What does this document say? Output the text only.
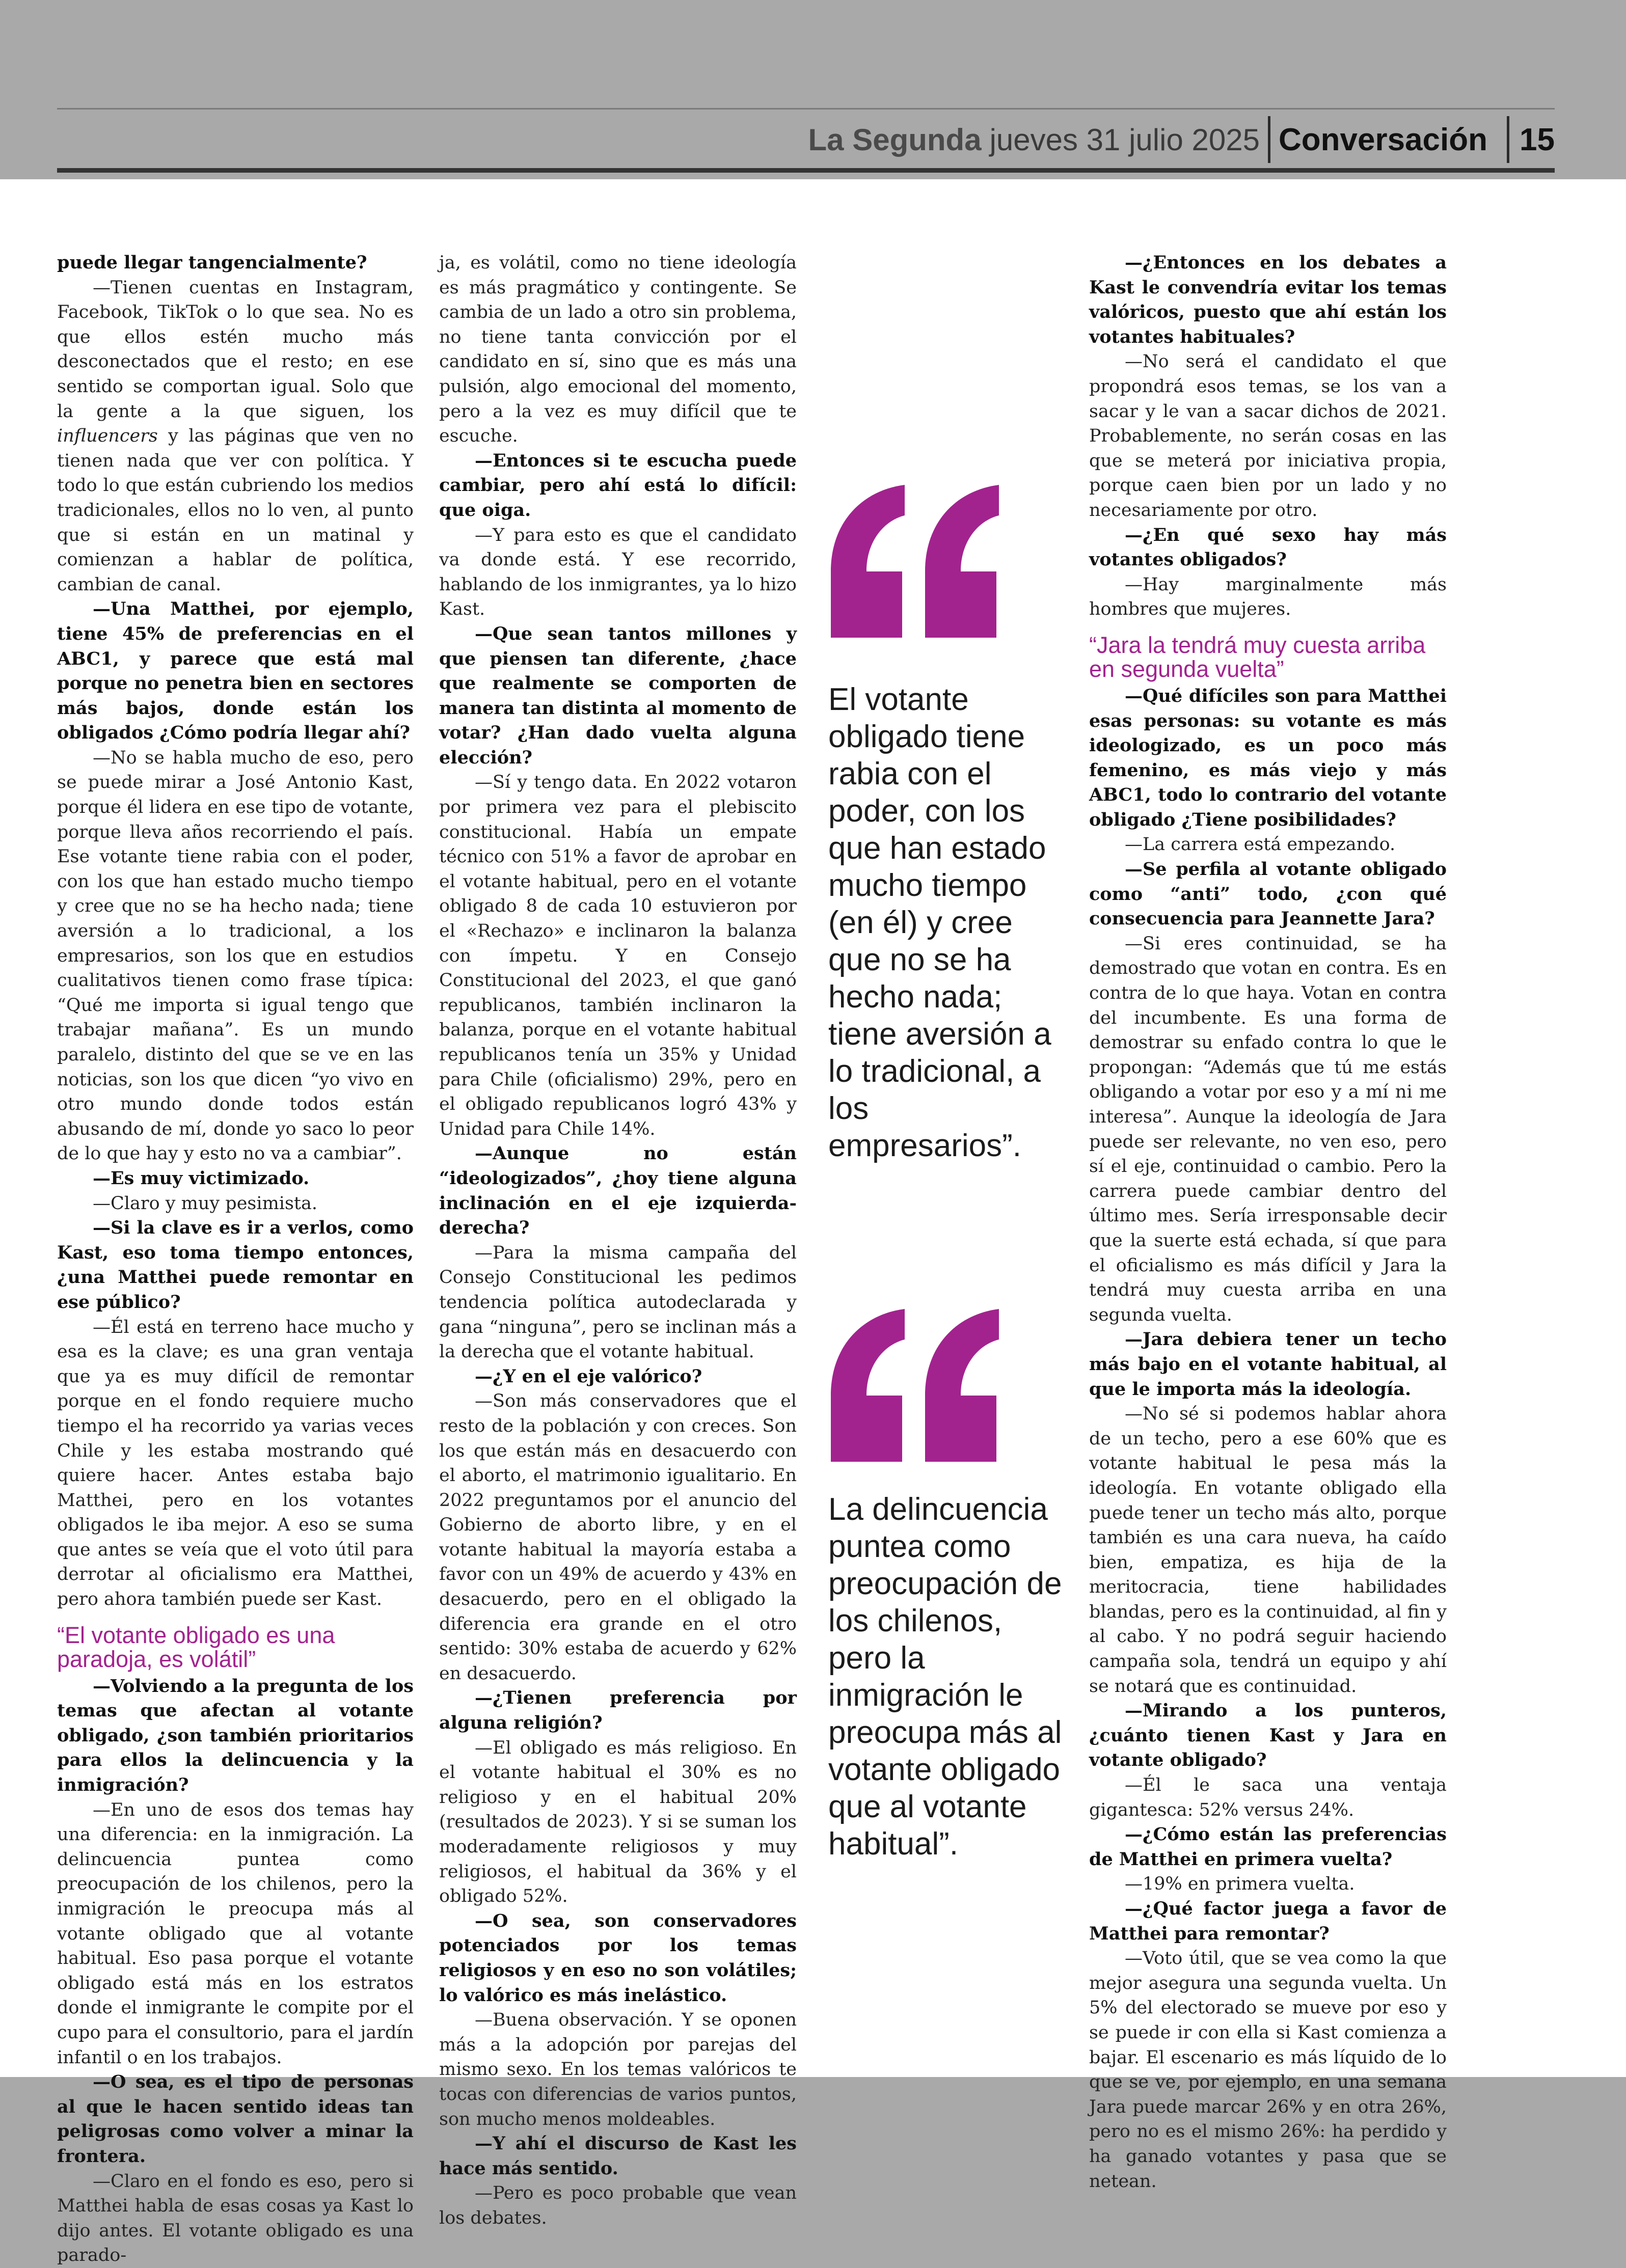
La Segunda jueves 31 julio 2025 Conversación 15

puede llegar tangencialmente?

—Tienen cuentas en Instagram, Facebook, TikTok o lo que sea. No es que ellos estén mucho más desconectados que el resto; en ese sentido se comportan igual. Solo que la gente a la que siguen, los influencers y las páginas que ven no tienen nada que ver con política. Y todo lo que están cubriendo los medios tradicionales, ellos no lo ven, al punto que si están en un matinal y comienzan a hablar de política, cambian de canal.

—Una Matthei, por ejemplo, tiene 45% de preferencias en el ABC1, y parece que está mal porque no penetra bien en sectores más bajos, donde están los obligados ¿Cómo podría llegar ahí?

—No se habla mucho de eso, pero se puede mirar a José Antonio Kast, porque él lidera en ese tipo de votante, porque lleva años recorriendo el país. Ese votante tiene rabia con el poder, con los que han estado mucho tiempo y cree que no se ha hecho nada; tiene aversión a lo tradicional, a los empresarios, son los que en estudios cualitativos tienen como frase típica: “Qué me importa si igual tengo que trabajar mañana”. Es un mundo paralelo, distinto del que se ve en las noticias, son los que dicen “yo vivo en otro mundo donde todos están abusando de mí, donde yo saco lo peor de lo que hay y esto no va a cambiar”.

—Es muy victimizado.

—Claro y muy pesimista.

—Si la clave es ir a verlos, como Kast, eso toma tiempo entonces, ¿una Matthei puede remontar en ese público?

—Él está en terreno hace mucho y esa es la clave; es una gran ventaja que ya es muy difícil de remontar porque en el fondo requiere mucho tiempo el ha recorrido ya varias veces Chile y les estaba mostrando qué quiere hacer. Antes estaba bajo Matthei, pero en los votantes obligados le iba mejor. A eso se suma que antes se veía que el voto útil para derrotar al oficialismo era Matthei, pero ahora también puede ser Kast.

“El votante obligado es una paradoja, es volátil”

—Volviendo a la pregunta de los temas que afectan al votante obligado, ¿son también prioritarios para ellos la delincuencia y la inmigración?

—En uno de esos dos temas hay una diferencia: en la inmigración. La delincuencia puntea como preocupación de los chilenos, pero la inmigración le preocupa más al votante obligado que al votante habitual. Eso pasa porque el votante obligado está más en los estratos donde el inmigrante le compite por el cupo para el consultorio, para el jardín infantil o en los trabajos.

—O sea, es el tipo de personas al que le hacen sentido ideas tan peligrosas como volver a minar la frontera.

—Claro en el fondo es eso, pero si Matthei habla de esas cosas ya Kast lo dijo antes. El votante obligado es una parado-

ja, es volátil, como no tiene ideología es más pragmático y contingente. Se cambia de un lado a otro sin problema, no tiene tanta convicción por el candidato en sí, sino que es más una pulsión, algo emocional del momento, pero a la vez es muy difícil que te escuche.

—Entonces si te escucha puede cambiar, pero ahí está lo difícil: que oiga.

—Y para esto es que el candidato va donde está. Y ese recorrido, hablando de los inmigrantes, ya lo hizo Kast.

—Que sean tantos millones y que piensen tan diferente, ¿hace que realmente se comporten de manera tan distinta al momento de votar? ¿Han dado vuelta alguna elección?

—Sí y tengo data. En 2022 votaron por primera vez para el plebiscito constitucional. Había un empate técnico con 51% a favor de aprobar en el votante habitual, pero en el votante obligado 8 de cada 10 estuvieron por el «Rechazo» e inclinaron la balanza con ímpetu. Y en Consejo Constitucional del 2023, el que ganó republicanos, también inclinaron la balanza, porque en el votante habitual republicanos tenía un 35% y Unidad para Chile (oficialismo) 29%, pero en el obligado republicanos logró 43% y Unidad para Chile 14%.

—Aunque no están “ideologizados”, ¿hoy tiene alguna inclinación en el eje izquierda-derecha?

—Para la misma campaña del Consejo Constitucional les pedimos tendencia política autodeclarada y gana “ninguna”, pero se inclinan más a la derecha que el votante habitual.

—¿Y en el eje valórico?

—Son más conservadores que el resto de la población y con creces. Son los que están más en desacuerdo con el aborto, el matrimonio igualitario. En 2022 preguntamos por el anuncio del Gobierno de aborto libre, y en el votante habitual la mayoría estaba a favor con un 49% de acuerdo y 43% en desacuerdo, pero en el obligado la diferencia era grande en el otro sentido: 30% estaba de acuerdo y 62% en desacuerdo.

—¿Tienen preferencia por alguna religión?

—El obligado es más religioso. En el votante habitual el 30% es no religioso y en el habitual 20% (resultados de 2023). Y si se suman los moderadamente religiosos y muy religiosos, el habitual da 36% y el obligado 52%.

—O sea, son conservadores potenciados por los temas religiosos y en eso no son volátiles; lo valórico es más inelástico.

—Buena observación. Y se oponen más a la adopción por parejas del mismo sexo. En los temas valóricos te tocas con diferencias de varios puntos, son mucho menos moldeables.

—Y ahí el discurso de Kast les hace más sentido.

—Pero es poco probable que vean los debates.

El votante obligado tiene rabia con el poder, con los que han estado mucho tiempo (en él) y cree que no se ha hecho nada; tiene aversión a lo tradicional, a los empresarios”.
La delincuencia puntea como preocupación de los chilenos, pero la inmigración le preocupa más al votante obligado que al votante habitual”.

—¿Entonces en los debates a Kast le convendría evitar los temas valóricos, puesto que ahí están los votantes habituales?

—No será el candidato el que propondrá esos temas, se los van a sacar y le van a sacar dichos de 2021. Probablemente, no serán cosas en las que se meterá por iniciativa propia, porque caen bien por un lado y no necesariamente por otro.

—¿En qué sexo hay más votantes obligados?

—Hay marginalmente más hombres que mujeres.

“Jara la tendrá muy cuesta arriba en segunda vuelta”

—Qué difíciles son para Matthei esas personas: su votante es más ideologizado, es un poco más femenino, es más viejo y más ABC1, todo lo contrario del votante obligado ¿Tiene posibilidades?

—La carrera está empezando.

—Se perfila al votante obligado como “anti” todo, ¿con qué consecuencia para Jeannette Jara?

—Si eres continuidad, se ha demostrado que votan en contra. Es en contra de lo que haya. Votan en contra del incumbente. Es una forma de demostrar su enfado contra lo que le propongan: “Además que tú me estás obligando a votar por eso y a mí ni me interesa”. Aunque la ideología de Jara puede ser relevante, no ven eso, pero sí el eje, continuidad o cambio. Pero la carrera puede cambiar dentro del último mes. Sería irresponsable decir que la suerte está echada, sí que para el oficialismo es más difícil y Jara la tendrá muy cuesta arriba en una segunda vuelta.

—Jara debiera tener un techo más bajo en el votante habitual, al que le importa más la ideología.

—No sé si podemos hablar ahora de un techo, pero a ese 60% que es votante habitual le pesa más la ideología. En votante obligado ella puede tener un techo más alto, porque también es una cara nueva, ha caído bien, empatiza, es hija de la meritocracia, tiene habilidades blandas, pero es la continuidad, al fin y al cabo. Y no podrá seguir haciendo campaña sola, tendrá un equipo y ahí se notará que es continuidad.

—Mirando a los punteros, ¿cuánto tienen Kast y Jara en votante obligado?

—Él le saca una ventaja gigantesca: 52% versus 24%.

—¿Cómo están las preferencias de Matthei en primera vuelta?

—19% en primera vuelta.

—¿Qué factor juega a favor de Matthei para remontar?

—Voto útil, que se vea como la que mejor asegura una segunda vuelta. Un 5% del electorado se mueve por eso y se puede ir con ella si Kast comienza a bajar. El escenario es más líquido de lo que se ve, por ejemplo, en una semana Jara puede marcar 26% y en otra 26%, pero no es el mismo 26%: ha perdido y ha ganado votantes y pasa que se netean.
